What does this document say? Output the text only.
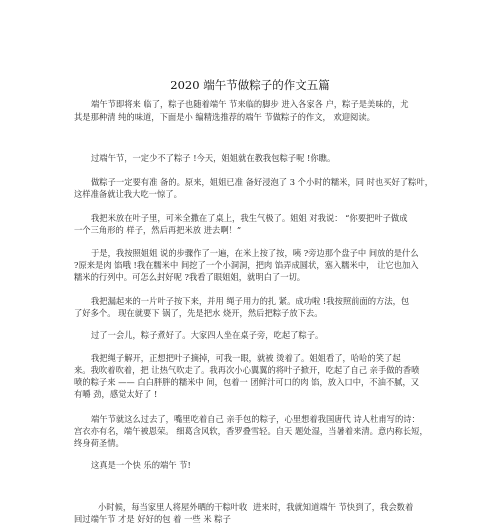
2020 端午节做粽子的作文五篇
端午节即将来 临了，粽子也随着端午 节来临的脚步 进入各家各 户，粽子是美味的，尤
其是那种清 纯的味道，下面是小 编精选推荐的端午 节做粽子的作文， 欢迎阅读。
过端午节，一定少不了粽子 !今天，姐姐就在教我包粽子呢 !你瞧。
做粽子一定要有准 备的。原来，姐姐已准 备好浸泡了 3 个小时的糯米，同 时也买好了粽叶，
这样准备就让我大吃一惊了。
我把米放在叶子里，可米全撒在了桌上，我生气极了。姐姐 对我说： “你要把叶子做成
一个三角形的 样子，然后再把米放 进去啊！”
于是，我按照姐姐 说的步骤作了一遍，在米上按了按，咦 ?旁边那个盘子中 间放的是什么
?原来是肉 馅哦 !我在糯米中 间挖了一个小洞洞，把肉 馅弄成圆状，塞入糯米中， 让它也加入
糯米的行列中。可怎么封好呢 ?我看了眼姐姐，就明白了一切。
我把漏起来的一片叶子按下来，并用 绳子用力的扎 紧。成功啦 !我按照前面的方法，包
了好多个。 现在就要下 锅了，先是把水 烧开，然后把粽子放下去。
过了一会儿，粽子煮好了。大家四人坐在桌子旁，吃起了粽子。
我把绳子解开，正想把叶子摘掉，可我一眼，就被 烫着了。姐姐看了，哈哈的笑了起
来。我吹着吹着，把 让热气吹走了。我再次小心翼翼的将叶子掀开，吃起了自己 亲手做的香喷
喷的粽子来 —— 白白胖胖的糯米中 间，包着一 团鲜汁可口的肉 馅，放入口中，不油不腻，又
有嚼 劲，感觉太好了 !
端午节就这么过去了，嘴里吃着自己 亲手包的粽子，心里想着我国唐代 诗人杜甫写的诗：
宫衣亦有名，端午被恩荣。 细葛含风软，香罗叠雪轻。自天 题处湿，当暑着来清。意内称长短，
终身荷圣情。
这真是一个快 乐的端午 节!
小时候，每当家里人将屋外晒的干粽叶收
回过端午节 才是 好好的包 着 一些 米 粽子
进来时，我就知道端午 节快到了，我会数着
